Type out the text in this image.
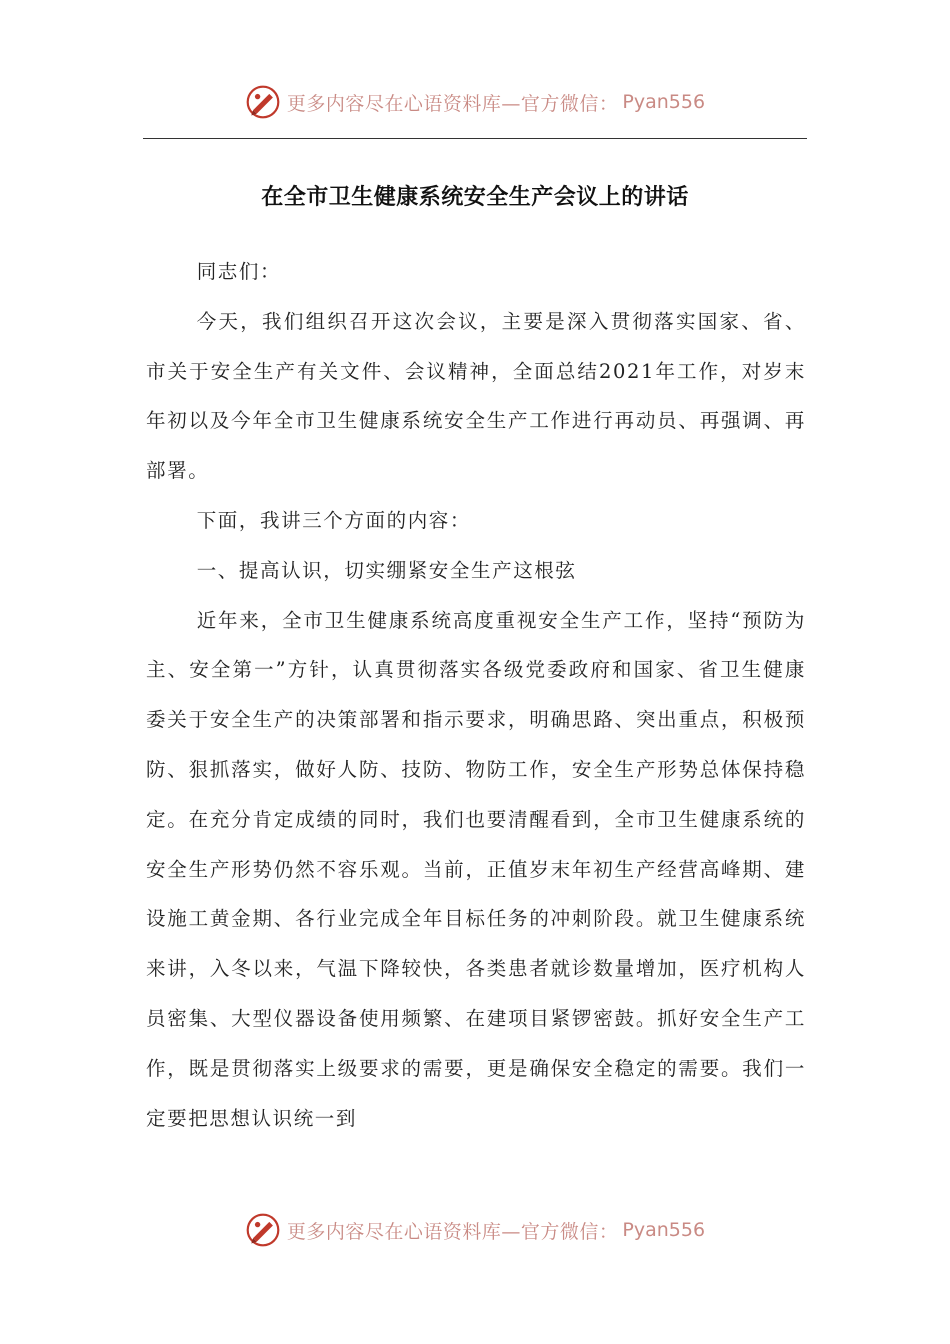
更多内容尽在心语资料库—官方微信： Pyan556
在全市卫生健康系统安全生产会议上的讲话

同志们：

今天，我们组织召开这次会议，主要是深入贯彻落实国家、省、市关于安全生产有关文件、会议精神，全面总结2021年工作，对岁末年初以及今年全市卫生健康系统安全生产工作进行再动员、再强调、再部署。

下面，我讲三个方面的内容：

一、提高认识，切实绷紧安全生产这根弦

近年来，全市卫生健康系统高度重视安全生产工作，坚持“预防为主、安全第一”方针，认真贯彻落实各级党委政府和国家、省卫生健康委关于安全生产的决策部署和指示要求，明确思路、突出重点，积极预防、狠抓落实，做好人防、技防、物防工作，安全生产形势总体保持稳定。在充分肯定成绩的同时，我们也要清醒看到，全市卫生健康系统的安全生产形势仍然不容乐观。当前，正值岁末年初生产经营高峰期、建设施工黄金期、各行业完成全年目标任务的冲刺阶段。就卫生健康系统来讲，入冬以来，气温下降较快，各类患者就诊数量增加，医疗机构人员密集、大型仪器设备使用频繁、在建项目紧锣密鼓。抓好安全生产工作，既是贯彻落实上级要求的需要，更是确保安全稳定的需要。我们一定要把思想认识统一到

更多内容尽在心语资料库—官方微信： Pyan556
